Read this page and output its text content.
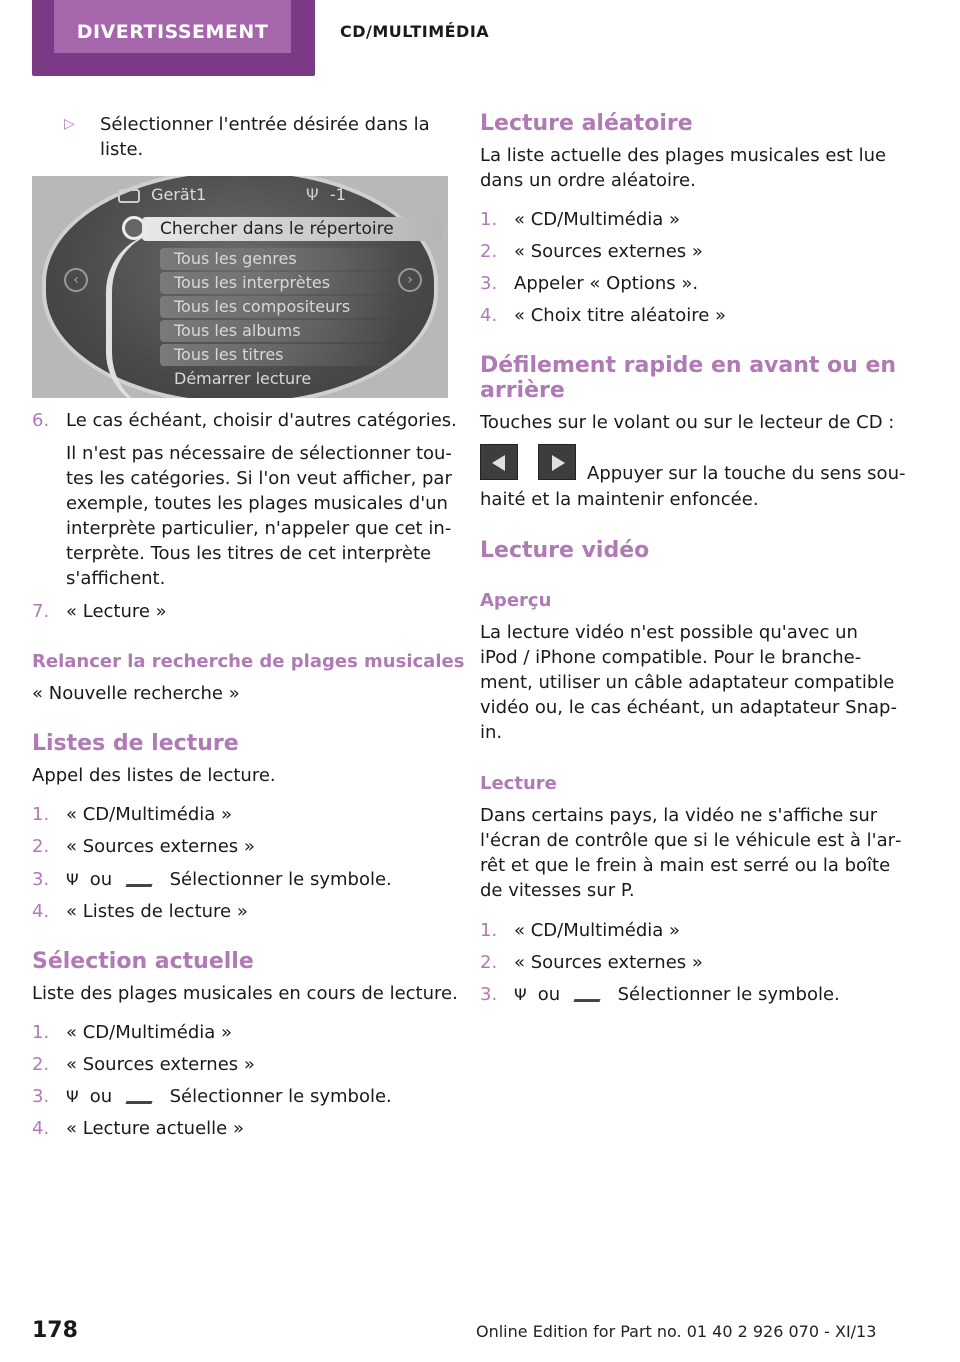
DIVERTISSEMENT	CD/MULTIMÉDIA
▷ Sélectionner l'entrée désirée dans la
liste.
Gerät1	Ψ -1
‹	›
Chercher dans le répertoire
Tous les genres
Tous les interprètes
Tous les compositeurs
Tous les albums
Tous les titres
Démarrer lecture
6. Le cas échéant, choisir d'autres catégories.
Il n'est pas nécessaire de sélectionner tou‐
tes les catégories. Si l'on veut afficher, par
exemple, toutes les plages musicales d'un
interprète particulier, n'appeler que cet in‐
terprète. Tous les titres de cet interprète
s'affichent.
7. « Lecture »
Relancer la recherche de plages musicales
« Nouvelle recherche »
Listes de lecture
Appel des listes de lecture.
1. « CD/Multimédia »
2. « Sources externes »
3. Ψ ou	Sélectionner le symbole.
4. « Listes de lecture »
Sélection actuelle
Liste des plages musicales en cours de lecture.
1. « CD/Multimédia »
2. « Sources externes »
3. Ψ ou	Sélectionner le symbole.
4. « Lecture actuelle »
Lecture aléatoire
La liste actuelle des plages musicales est lue
dans un ordre aléatoire.
1. « CD/Multimédia »
2. « Sources externes »
3. Appeler « Options ».
4. « Choix titre aléatoire »
Défilement rapide en avant ou en
arrière
Touches sur le volant ou sur le lecteur de CD :
Appuyer sur la touche du sens sou‐
haité et la maintenir enfoncée.
Lecture vidéo
Aperçu
La lecture vidéo n'est possible qu'avec un
iPod / iPhone compatible. Pour le branche‐
ment, utiliser un câble adaptateur compatible
vidéo ou, le cas échéant, un adaptateur Snap-
in.
Lecture
Dans certains pays, la vidéo ne s'affiche sur
l'écran de contrôle que si le véhicule est à l'ar‐
rêt et que le frein à main est serré ou la boîte
de vitesses sur P.
1. « CD/Multimédia »
2. « Sources externes »
3. Ψ ou	Sélectionner le symbole.
178	Online Edition for Part no. 01 40 2 926 070 - XI/13
